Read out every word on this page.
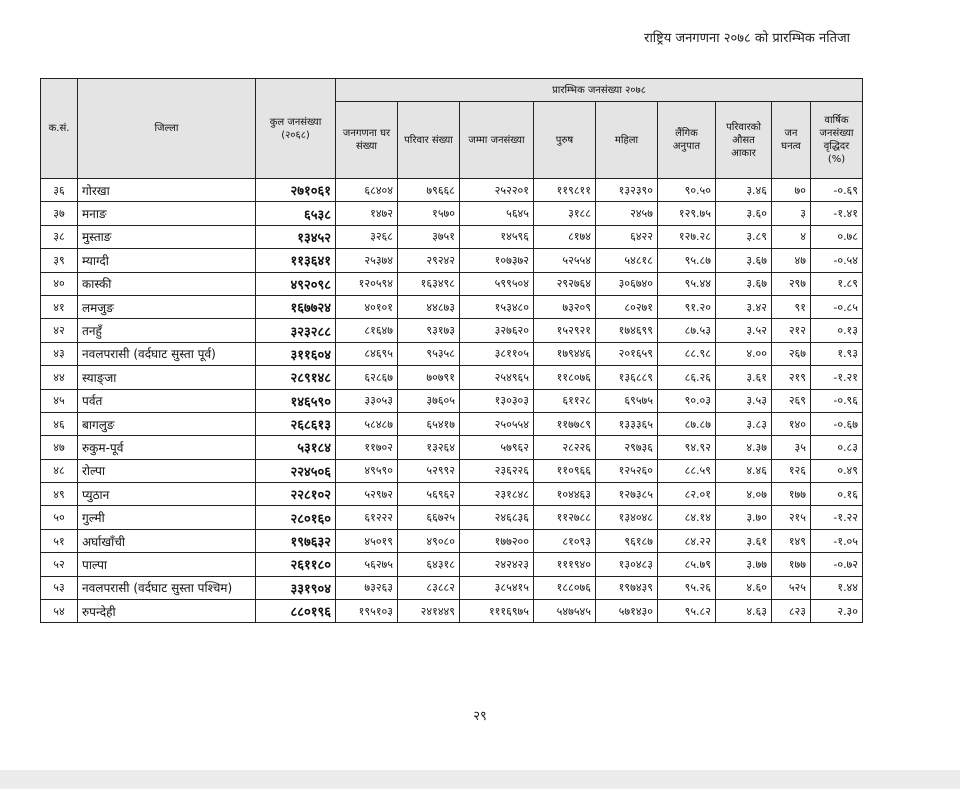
राष्ट्रिय जनगणना २०७८ को प्रारम्भिक नतिजा
क.सं.	जिल्ला	कुल जनसंख्या (२०६८)	प्रारम्भिक जनसंख्या २०७८								
			जनगणना घर संख्या	परिवार संख्या	जम्मा जनसंख्या	पुरुष	महिला	लैंगिक अनुपात	परिवारको औसत आकार	जन घनत्व	वार्षिक जनसंख्या वृद्धिदर (%)
३६	गोरखा	२७१०६१	६८४०४	७९६६८	२५२२०१	११९८११	१३२३९०	९०.५०	३.४६	७०	-०.६९
३७	मनाङ	६५३८	१४७२	१५७०	५६४५	३१८८	२४५७	१२९.७५	३.६०	३	-१.४१
३८	मुस्ताङ	१३४५२	३२६८	३७५१	१४५९६	८१७४	६४२२	१२७.२८	३.८९	४	०.७८
३९	म्याग्दी	११३६४१	२५३७४	२९२४२	१०७३७२	५२५५४	५४८१८	९५.८७	३.६७	४७	-०.५४
४०	कास्की	४९२०९८	१२०५९४	१६३४९८	५९९५०४	२९२७६४	३०६७४०	९५.४४	३.६७	२९७	१.८९
४१	लमजुङ	१६७७२४	४०१०१	४४८७३	१५३४८०	७३२०९	८०२७१	९१.२०	३.४२	९१	-०.८५
४२	तनहुँ	३२३२८८	८१६४७	९३१७३	३२७६२०	१५२९२१	१७४६९९	८७.५३	३.५२	२१२	०.१३
४३	नवलपरासी (वर्दघाट सुस्ता पूर्व)	३११६०४	८४६९५	९५३५८	३८११०५	१७९४४६	२०१६५९	८८.९८	४.००	२६७	१.९३
४४	स्याङ्जा	२८९१४८	६२८६७	७०७९१	२५४९६५	११८०७६	१३६८८९	८६.२६	३.६१	२१९	-१.२१
४५	पर्वत	१४६५९०	३३०५३	३७६०५	१३०३०३	६११२८	६९५७५	९०.०३	३.५३	२६९	-०.९६
४६	बागलुङ	२६८६१३	५८४८७	६५४१७	२५०५५४	११७७८९	१३३३६५	८७.८७	३.८३	१४०	-०.६७
४७	रुकुम-पूर्व	५३१८४	११७०२	१३२६४	५७९६२	२८२२६	२९७३६	९४.९२	४.३७	३५	०.८३
४८	रोल्पा	२२४५०६	४९५९०	५२९९२	२३६२२६	११०९६६	१२५२६०	८८.५९	४.४६	१२६	०.४९
४९	प्युठान	२२८१०२	५२९७२	५६९६२	२३१८४८	१०४४६३	१२७३८५	८२.०१	४.०७	१७७	०.१६
५०	गुल्मी	२८०१६०	६१२२२	६६७२५	२४६८३६	११२७८८	१३४०४८	८४.१४	३.७०	२१५	-१.२२
५१	अर्घाखाँची	१९७६३२	४५०१९	४९०८०	१७७२००	८१०९३	९६१८७	८४.२२	३.६१	१४९	-१.०५
५२	पाल्पा	२६११८०	५६२७५	६४३१८	२४२४२३	१११९४०	१३०४८३	८५.७९	३.७७	१७७	-०.७२
५३	नवलपरासी (वर्दघाट सुस्ता पश्चिम)	३३१९०४	७३२६३	८३८८२	३८५४१५	१८८०७६	१९७४३९	९५.२६	४.६०	५२५	१.४४
५४	रुपन्देही	८८०१९६	१९५१०३	२४१४४९	१११६९७५	५४७५४५	५७१४३०	९५.८२	४.६३	८२३	२.३०
२९
